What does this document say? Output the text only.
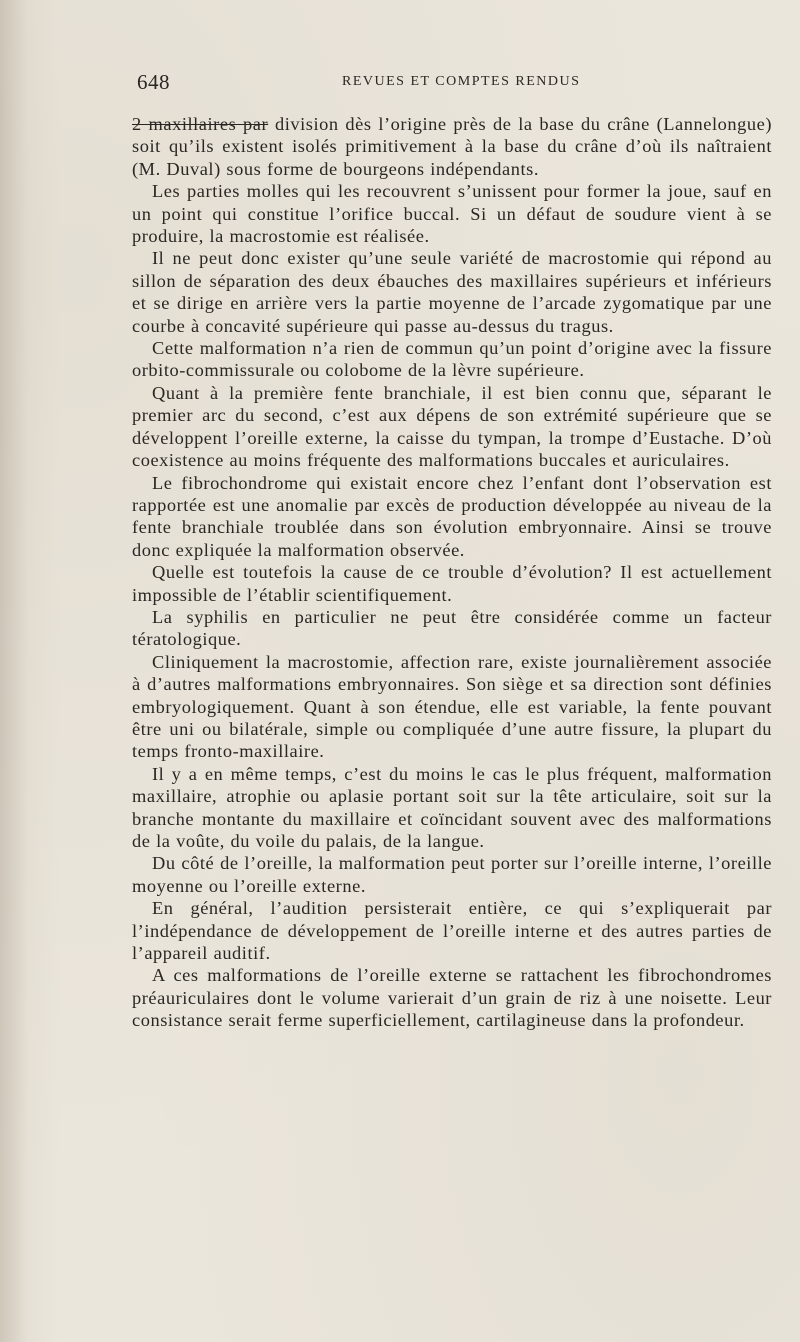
648	REVUES ET COMPTES RENDUS

2 maxillaires par division dès l’origine près de la base du crâne (Lannelongue) soit qu’ils existent isolés primitivement à la base du crâne d’où ils naîtraient (M. Duval) sous forme de bourgeons indépendants.

Les parties molles qui les recouvrent s’unissent pour former la joue, sauf en un point qui constitue l’orifice buccal. Si un défaut de soudure vient à se produire, la macrostomie est réalisée.

Il ne peut donc exister qu’une seule variété de macrostomie qui répond au sillon de séparation des deux ébauches des maxillaires supérieurs et inférieurs et se dirige en arrière vers la partie moyenne de l’arcade zygomatique par une courbe à concavité supérieure qui passe au-dessus du tragus.

Cette malformation n’a rien de commun qu’un point d’origine avec la fissure orbito-commissurale ou colobome de la lèvre supérieure.

Quant à la première fente branchiale, il est bien connu que, séparant le premier arc du second, c’est aux dépens de son extrémité supérieure que se développent l’oreille externe, la caisse du tympan, la trompe d’Eustache. D’où coexistence au moins fréquente des malformations buccales et auriculaires.

Le fibrochondrome qui existait encore chez l’enfant dont l’observation est rapportée est une anomalie par excès de production développée au niveau de la fente branchiale troublée dans son évolution embryonnaire. Ainsi se trouve donc expliquée la malformation observée.

Quelle est toutefois la cause de ce trouble d’évolution? Il est actuellement impossible de l’établir scientifiquement.

La syphilis en particulier ne peut être considérée comme un facteur tératologique.

Cliniquement la macrostomie, affection rare, existe journalièrement associée à d’autres malformations embryonnaires. Son siège et sa direction sont définies embryologiquement. Quant à son étendue, elle est variable, la fente pouvant être uni ou bilatérale, simple ou compliquée d’une autre fissure, la plupart du temps fronto-maxillaire.

Il y a en même temps, c’est du moins le cas le plus fréquent, malformation maxillaire, atrophie ou aplasie portant soit sur la tête articulaire, soit sur la branche montante du maxillaire et coïncidant souvent avec des malformations de la voûte, du voile du palais, de la langue.

Du côté de l’oreille, la malformation peut porter sur l’oreille interne, l’oreille moyenne ou l’oreille externe.

En général, l’audition persisterait entière, ce qui s’expliquerait par l’indépendance de développement de l’oreille interne et des autres parties de l’appareil auditif.

A ces malformations de l’oreille externe se rattachent les fibrochondromes préauriculaires dont le volume varierait d’un grain de riz à une noisette. Leur consistance serait ferme superficiellement, cartilagineuse dans la profondeur.
